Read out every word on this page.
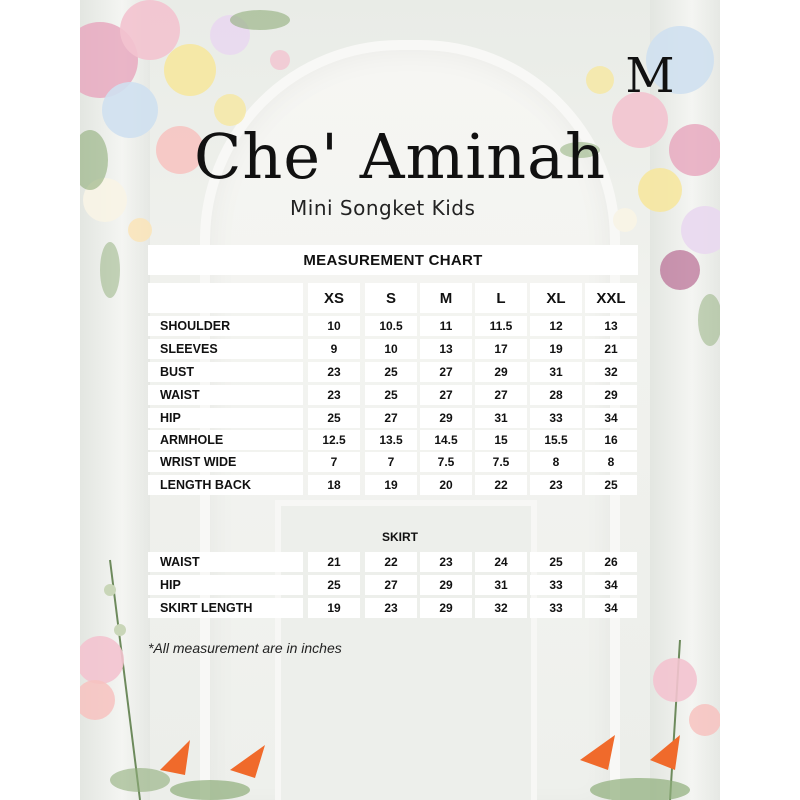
M
Che' Aminah
Mini Songket Kids
MEASUREMENT CHART
XS	S	M	L	XL	XXL
SHOULDER	10	10.5	11	11.5	12	13
SLEEVES	9	10	13	17	19	21
BUST	23	25	27	29	31	32
WAIST	23	25	27	27	28	29
HIP	25	27	29	31	33	34
ARMHOLE	12.5	13.5	14.5	15	15.5	16
WRIST WIDE	7	7	7.5	7.5	8	8
LENGTH BACK	18	19	20	22	23	25
SKIRT
WAIST	21	22	23	24	25	26
HIP	25	27	29	31	33	34
SKIRT LENGTH	19	23	29	32	33	34
*All measurement are in inches
